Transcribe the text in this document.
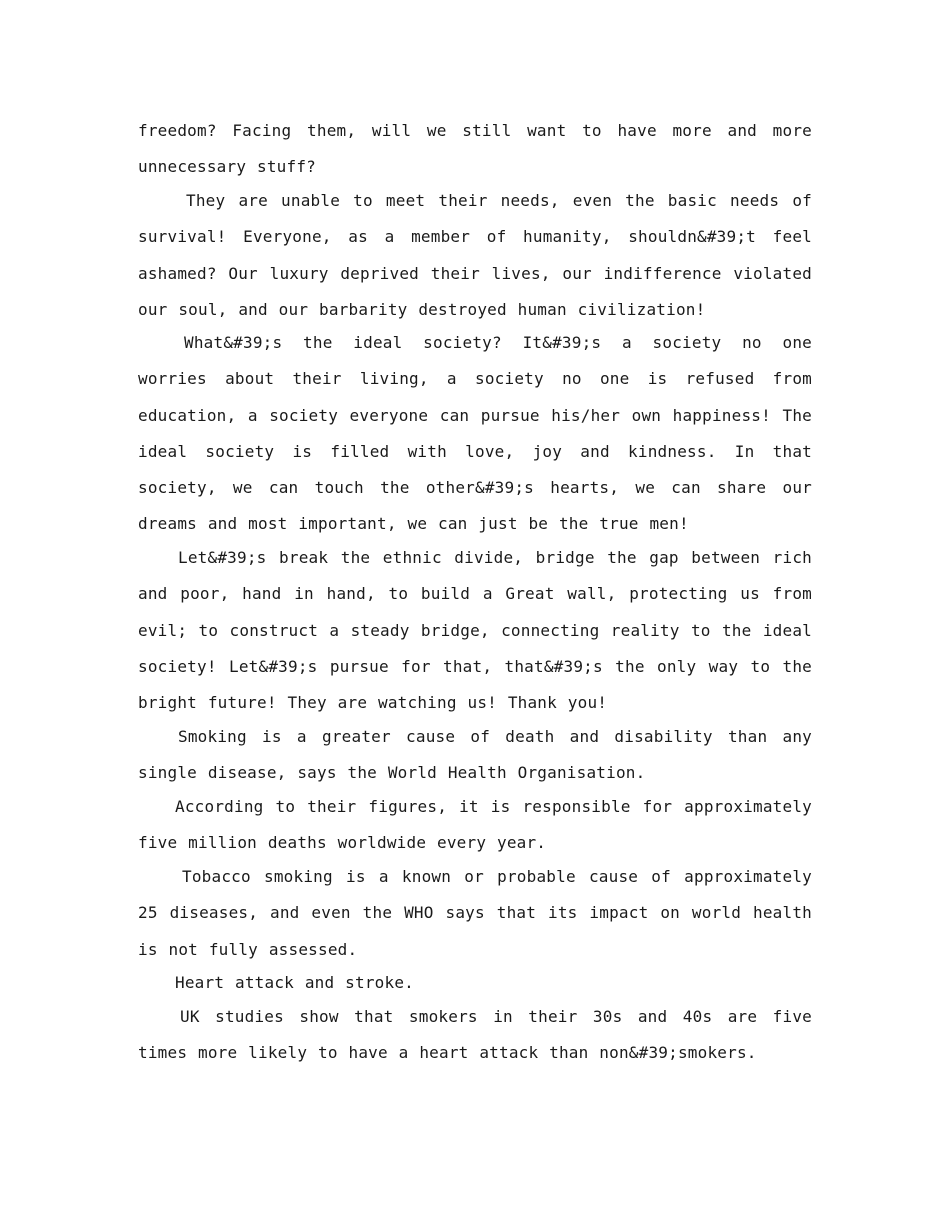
freedom? Facing them, will we still want to have more and more unnecessary stuff?

They are unable to meet their needs, even the basic needs of survival! Everyone, as a member of humanity, shouldn&#39;t feel ashamed? Our luxury deprived their lives, our indifference violated our soul, and our barbarity destroyed human civilization!

What&#39;s the ideal society? It&#39;s a society no one worries about their living, a society no one is refused from education, a society everyone can pursue his/her own happiness! The ideal society is filled with love, joy and kindness. In that society, we can touch the other&#39;s hearts, we can share our dreams and most important, we can just be the true men!

Let&#39;s break the ethnic divide, bridge the gap between rich and poor, hand in hand, to build a Great wall, protecting us from evil; to construct a steady bridge, connecting reality to the ideal society! Let&#39;s pursue for that, that&#39;s the only way to the bright future! They are watching us! Thank you!

Smoking is a greater cause of death and disability than any single disease, says the World Health Organisation.

According to their figures, it is responsible for approximately five million deaths worldwide every year.

Tobacco smoking is a known or probable cause of approximately 25 diseases, and even the WHO says that its impact on world health is not fully assessed.

Heart attack and stroke.

UK studies show that smokers in their 30s and 40s are five times more likely to have a heart attack than non&#39;smokers.
